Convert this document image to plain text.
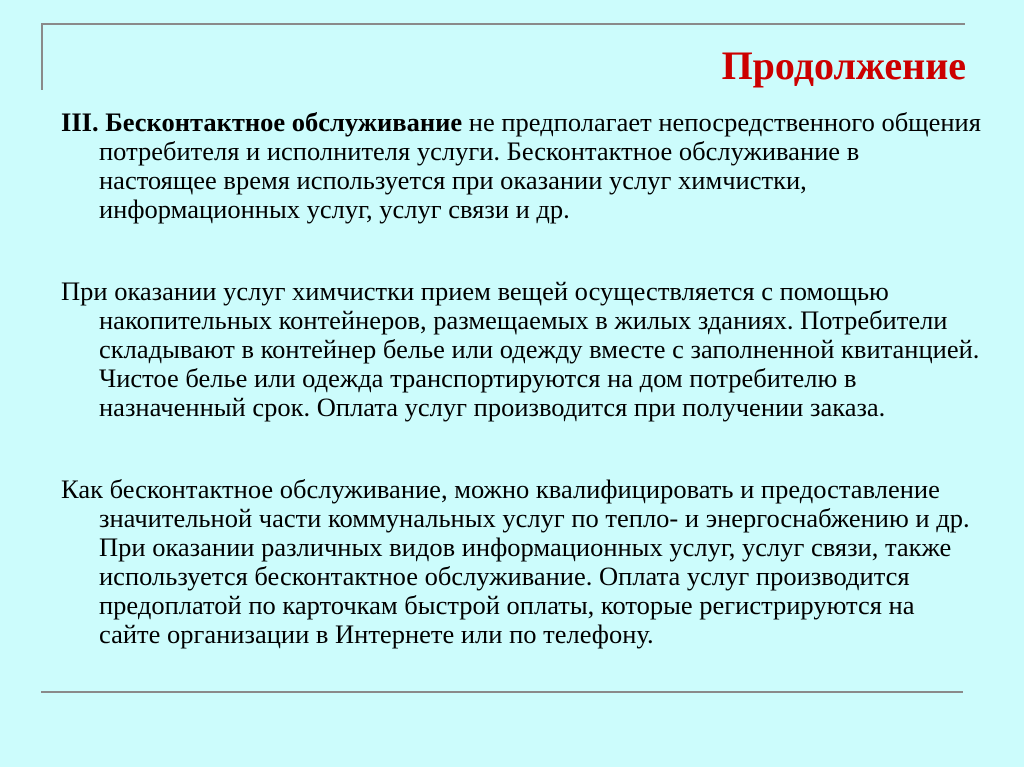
Продолжение

III. Бесконтактное обслуживание не предполагает непосредственного общения потребителя и исполнителя услуги. Бесконтактное обслуживание в настоящее время используется при оказании услуг химчистки, информационных услуг, услуг связи и др.

При оказании услуг химчистки прием вещей осуществляется с помощью накопительных контейнеров, размещаемых в жилых зданиях. Потребители складывают в контейнер белье или одежду вместе с заполненной квитанцией. Чистое белье или одежда транспортируются на дом потребителю в назначенный срок. Оплата услуг производится при получении заказа.

Как бесконтактное обслуживание, можно квалифицировать и предоставление значительной части коммунальных услуг по тепло- и энергоснабжению и др. При оказании различных видов информационных услуг, услуг связи, также используется бесконтактное обслуживание. Оплата услуг производится предоплатой по карточкам быстрой оплаты, которые регистрируются на сайте организации в Интернете или по телефону.
